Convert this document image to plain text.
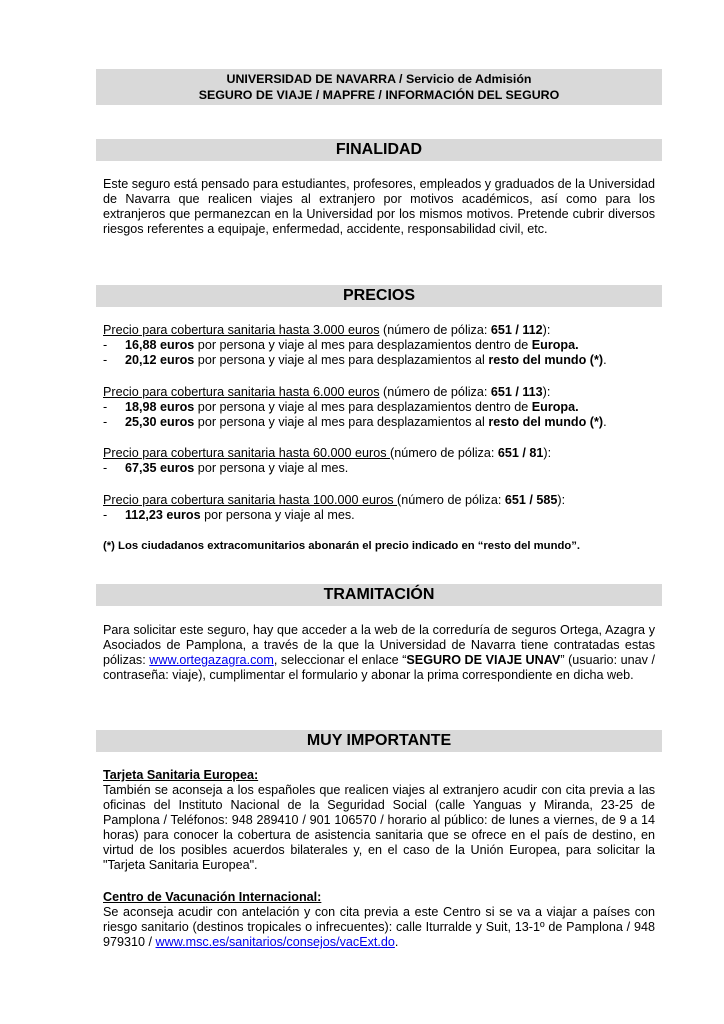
UNIVERSIDAD DE NAVARRA / Servicio de Admisión
SEGURO DE VIAJE / MAPFRE / INFORMACIÓN DEL SEGURO
FINALIDAD
Este seguro está pensado para estudiantes, profesores, empleados y graduados de la Universidad de Navarra que realicen viajes al extranjero por motivos académicos, así como para los extranjeros que permanezcan en la Universidad por los mismos motivos. Pretende cubrir diversos riesgos referentes a equipaje, enfermedad, accidente, responsabilidad civil, etc.
PRECIOS
Precio para cobertura sanitaria hasta 3.000 euros (número de póliza: 651 / 112):
- 16,88 euros por persona y viaje al mes para desplazamientos dentro de Europa.
- 20,12 euros por persona y viaje al mes para desplazamientos al resto del mundo (*).
Precio para cobertura sanitaria hasta 6.000 euros (número de póliza: 651 / 113):
- 18,98 euros por persona y viaje al mes para desplazamientos dentro de Europa.
- 25,30 euros por persona y viaje al mes para desplazamientos al resto del mundo (*).
Precio para cobertura sanitaria hasta 60.000 euros (número de póliza: 651 / 81):
- 67,35 euros por persona y viaje al mes.
Precio para cobertura sanitaria hasta 100.000 euros (número de póliza: 651 / 585):
- 112,23 euros por persona y viaje al mes.
(*) Los ciudadanos extracomunitarios abonarán el precio indicado en “resto del mundo”.
TRAMITACIÓN
Para solicitar este seguro, hay que acceder a la web de la correduría de seguros Ortega, Azagra y Asociados de Pamplona, a través de la que la Universidad de Navarra tiene contratadas estas pólizas: www.ortegazagra.com, seleccionar el enlace “SEGURO DE VIAJE UNAV” (usuario: unav / contraseña: viaje), cumplimentar el formulario y abonar la prima correspondiente en dicha web.
MUY IMPORTANTE
Tarjeta Sanitaria Europea:
También se aconseja a los españoles que realicen viajes al extranjero acudir con cita previa a las oficinas del Instituto Nacional de la Seguridad Social (calle Yanguas y Miranda, 23-25 de Pamplona / Teléfonos: 948 289410 / 901 106570 / horario al público: de lunes a viernes, de 9 a 14 horas) para conocer la cobertura de asistencia sanitaria que se ofrece en el país de destino, en virtud de los posibles acuerdos bilaterales y, en el caso de la Unión Europea, para solicitar la "Tarjeta Sanitaria Europea".
Centro de Vacunación Internacional:
Se aconseja acudir con antelación y con cita previa a este Centro si se va a viajar a países con riesgo sanitario (destinos tropicales o infrecuentes): calle Iturralde y Suit, 13-1º de Pamplona / 948 979310 / www.msc.es/sanitarios/consejos/vacExt.do.
